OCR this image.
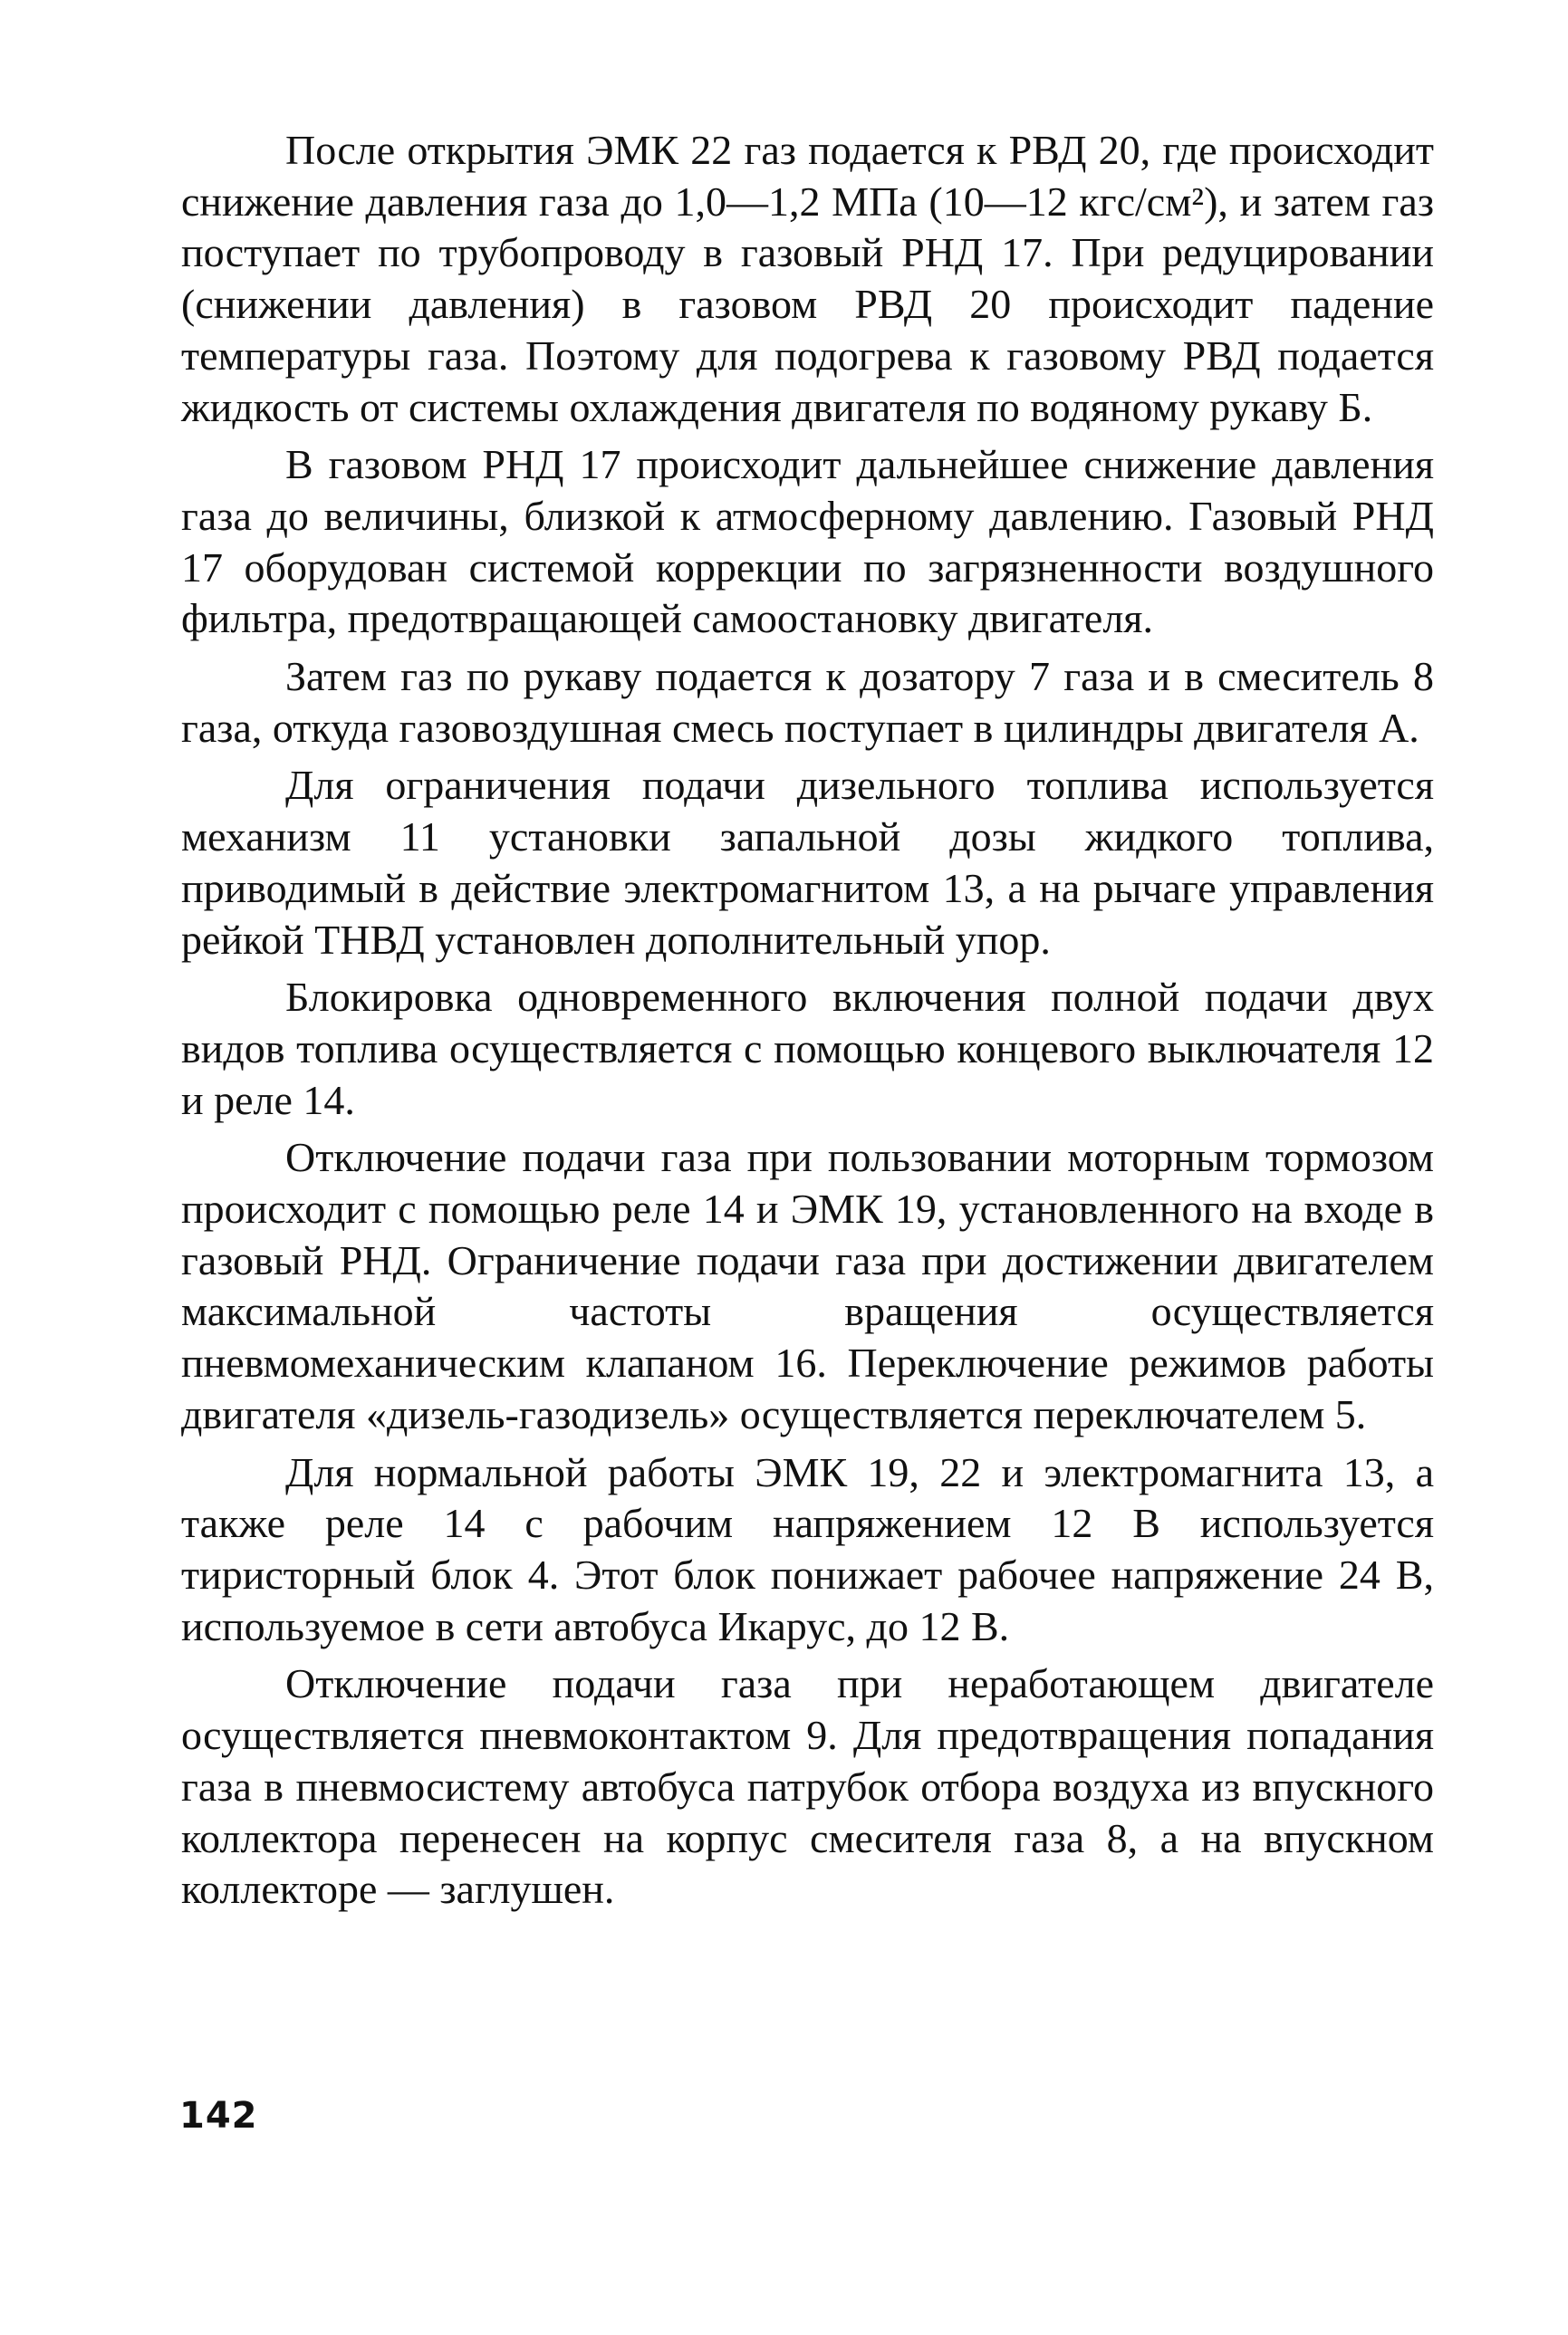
После открытия ЭМК 22 газ подается к РВД 20, где происходит снижение давления газа до 1,0—1,2 МПа (10—12 кгс/см²), и затем газ поступает по трубопроводу в газовый РНД 17. При редуцировании (снижении давления) в газовом РВД 20 происходит падение температуры газа. Поэтому для подогрева к газовому РВД подается жидкость от системы охлаждения двигателя по водяному рукаву Б.

В газовом РНД 17 происходит дальнейшее снижение давления газа до величины, близкой к атмосферному давлению. Газовый РНД 17 оборудован системой коррекции по загрязненности воздушного фильтра, предотвращающей самоостановку двигателя.

Затем газ по рукаву подается к дозатору 7 газа и в смеситель 8 газа, откуда газовоздушная смесь поступает в цилиндры двигателя А.

Для ограничения подачи дизельного топлива используется механизм 11 установки запальной дозы жидкого топлива, приводимый в действие электромагнитом 13, а на рычаге управления рейкой ТНВД установлен дополнительный упор.

Блокировка одновременного включения полной подачи двух видов топлива осуществляется с помощью концевого выключателя 12 и реле 14.

Отключение подачи газа при пользовании моторным тормозом происходит с помощью реле 14 и ЭМК 19, установленного на входе в газовый РНД. Ограничение подачи газа при достижении двигателем максимальной частоты вращения осуществляется пневмомеханическим клапаном 16. Переключение режимов работы двигателя «дизель-газодизель» осуществляется переключателем 5.

Для нормальной работы ЭМК 19, 22 и электромагнита 13, а также реле 14 с рабочим напряжением 12 В используется тиристорный блок 4. Этот блок понижает рабочее напряжение 24 В, используемое в сети автобуса Икарус, до 12 В.

Отключение подачи газа при неработающем двигателе осуществляется пневмоконтактом 9. Для предотвращения попадания газа в пневмосистему автобуса патрубок отбора воздуха из впускного коллектора перенесен на корпус смесителя газа 8, а на впускном коллекторе — заглушен.

142
